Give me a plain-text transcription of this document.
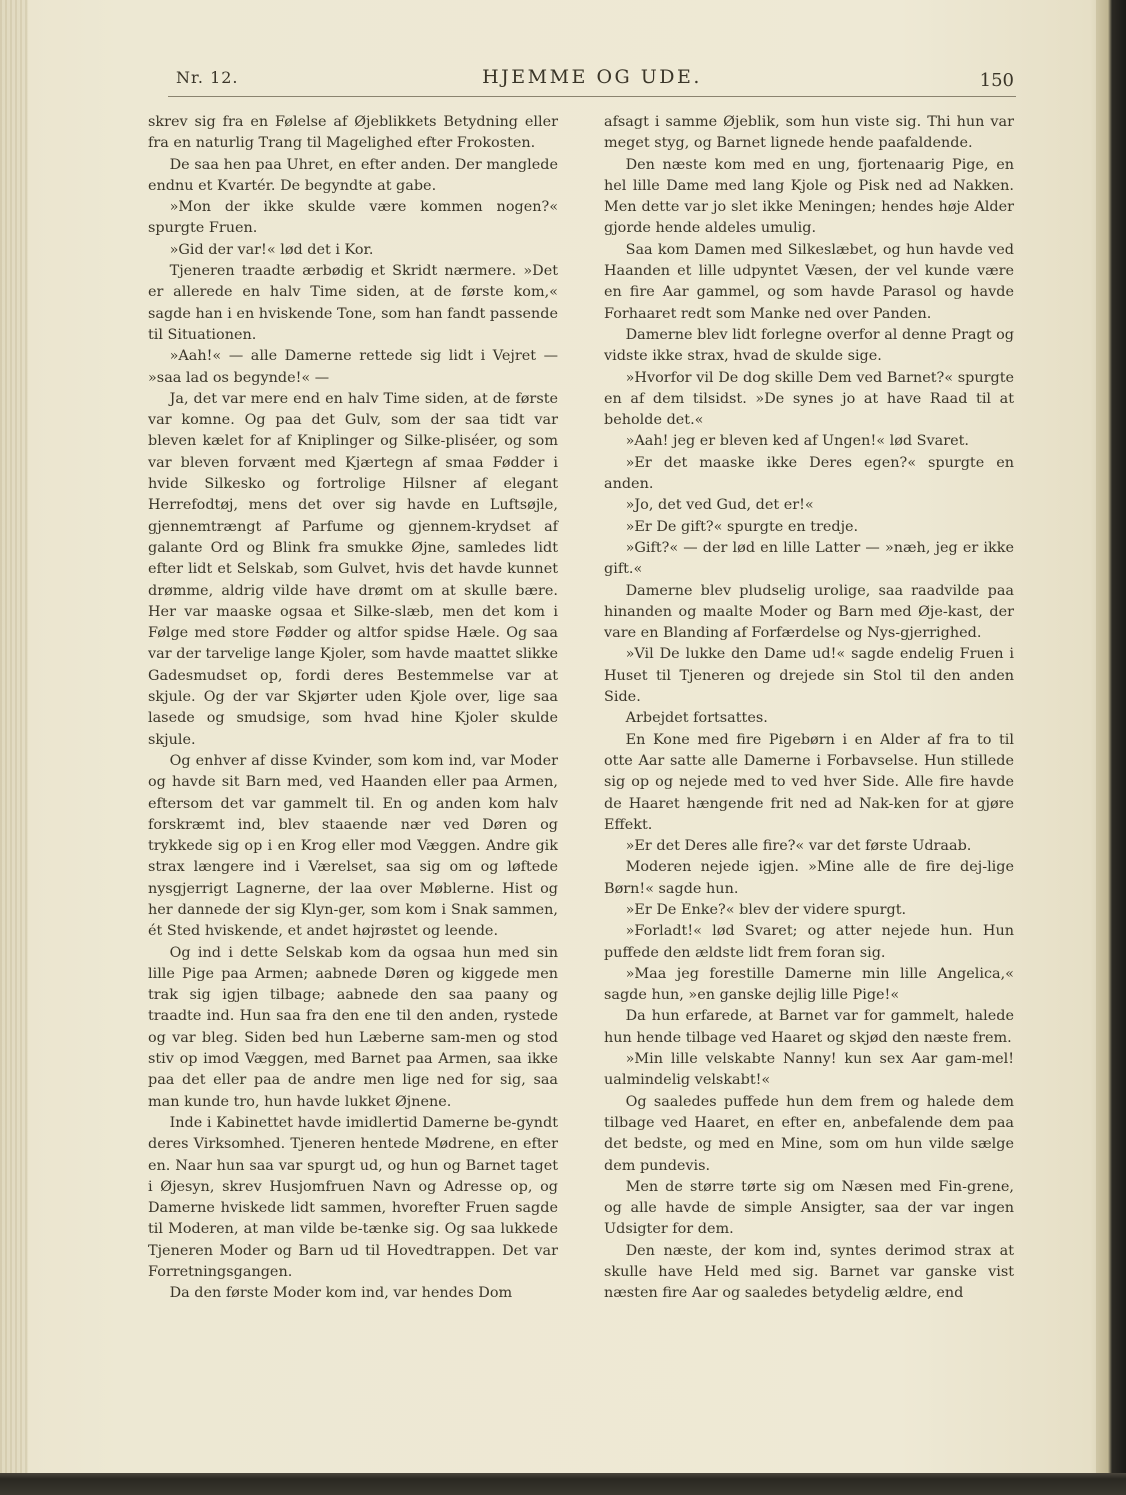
Nr. 12.	HJEMME OG UDE.	150

skrev sig fra en Følelse af Øjeblikkets Betydning eller fra en naturlig Trang til Magelighed efter Frokosten.

De saa hen paa Uhret, en efter anden. Der manglede endnu et Kvartér. De begyndte at gabe.

»Mon der ikke skulde være kommen nogen?« spurgte Fruen.

»Gid der var!« lød det i Kor.

Tjeneren traadte ærbødig et Skridt nærmere. »Det er allerede en halv Time siden, at de første kom,« sagde han i en hviskende Tone, som han fandt passende til Situationen.

»Aah!« — alle Damerne rettede sig lidt i Vejret — »saa lad os begynde!« —

Ja, det var mere end en halv Time siden, at de første var komne. Og paa det Gulv, som der saa tidt var bleven kælet for af Kniplinger og Silke-pliséer, og som var bleven forvænt med Kjærtegn af smaa Fødder i hvide Silkesko og fortrolige Hilsner af elegant Herrefodtøj, mens det over sig havde en Luftsøjle, gjennemtrængt af Parfume og gjennem-krydset af galante Ord og Blink fra smukke Øjne, samledes lidt efter lidt et Selskab, som Gulvet, hvis det havde kunnet drømme, aldrig vilde have drømt om at skulle bære. Her var maaske ogsaa et Silke-slæb, men det kom i Følge med store Fødder og altfor spidse Hæle. Og saa var der tarvelige lange Kjoler, som havde maattet slikke Gadesmudset op, fordi deres Bestemmelse var at skjule. Og der var Skjørter uden Kjole over, lige saa lasede og smudsige, som hvad hine Kjoler skulde skjule.

Og enhver af disse Kvinder, som kom ind, var Moder og havde sit Barn med, ved Haanden eller paa Armen, eftersom det var gammelt til. En og anden kom halv forskræmt ind, blev staaende nær ved Døren og trykkede sig op i en Krog eller mod Væggen. Andre gik strax længere ind i Værelset, saa sig om og løftede nysgjerrigt Lagnerne, der laa over Møblerne. Hist og her dannede der sig Klyn-ger, som kom i Snak sammen, ét Sted hviskende, et andet højrøstet og leende.

Og ind i dette Selskab kom da ogsaa hun med sin lille Pige paa Armen; aabnede Døren og kiggede men trak sig igjen tilbage; aabnede den saa paany og traadte ind. Hun saa fra den ene til den anden, rystede og var bleg. Siden bed hun Læberne sam-men og stod stiv op imod Væggen, med Barnet paa Armen, saa ikke paa det eller paa de andre men lige ned for sig, saa man kunde tro, hun havde lukket Øjnene.

Inde i Kabinettet havde imidlertid Damerne be-gyndt deres Virksomhed. Tjeneren hentede Mødrene, en efter en. Naar hun saa var spurgt ud, og hun og Barnet taget i Øjesyn, skrev Husjomfruen Navn og Adresse op, og Damerne hviskede lidt sammen, hvorefter Fruen sagde til Moderen, at man vilde be-tænke sig. Og saa lukkede Tjeneren Moder og Barn ud til Hovedtrappen. Det var Forretningsgangen.

Da den første Moder kom ind, var hendes Dom

afsagt i samme Øjeblik, som hun viste sig. Thi hun var meget styg, og Barnet lignede hende paafaldende.

Den næste kom med en ung, fjortenaarig Pige, en hel lille Dame med lang Kjole og Pisk ned ad Nakken. Men dette var jo slet ikke Meningen; hendes høje Alder gjorde hende aldeles umulig.

Saa kom Damen med Silkeslæbet, og hun havde ved Haanden et lille udpyntet Væsen, der vel kunde være en fire Aar gammel, og som havde Parasol og havde Forhaaret redt som Manke ned over Panden.

Damerne blev lidt forlegne overfor al denne Pragt og vidste ikke strax, hvad de skulde sige.

»Hvorfor vil De dog skille Dem ved Barnet?« spurgte en af dem tilsidst. »De synes jo at have Raad til at beholde det.«

»Aah! jeg er bleven ked af Ungen!« lød Svaret.

»Er det maaske ikke Deres egen?« spurgte en anden.

»Jo, det ved Gud, det er!«

»Er De gift?« spurgte en tredje.

»Gift?« — der lød en lille Latter — »næh, jeg er ikke gift.«

Damerne blev pludselig urolige, saa raadvilde paa hinanden og maalte Moder og Barn med Øje-kast, der vare en Blanding af Forfærdelse og Nys-gjerrighed.

»Vil De lukke den Dame ud!« sagde endelig Fruen i Huset til Tjeneren og drejede sin Stol til den anden Side.

Arbejdet fortsattes.

En Kone med fire Pigebørn i en Alder af fra to til otte Aar satte alle Damerne i Forbavselse. Hun stillede sig op og nejede med to ved hver Side. Alle fire havde de Haaret hængende frit ned ad Nak-ken for at gjøre Effekt.

»Er det Deres alle fire?« var det første Udraab.

Moderen nejede igjen. »Mine alle de fire dej-lige Børn!« sagde hun.

»Er De Enke?« blev der videre spurgt.

»Forladt!« lød Svaret; og atter nejede hun. Hun puffede den ældste lidt frem foran sig.

»Maa jeg forestille Damerne min lille Angelica,« sagde hun, »en ganske dejlig lille Pige!«

Da hun erfarede, at Barnet var for gammelt, halede hun hende tilbage ved Haaret og skjød den næste frem.

»Min lille velskabte Nanny! kun sex Aar gam-mel! ualmindelig velskabt!«

Og saaledes puffede hun dem frem og halede dem tilbage ved Haaret, en efter en, anbefalende dem paa det bedste, og med en Mine, som om hun vilde sælge dem pundevis.

Men de større tørte sig om Næsen med Fin-grene, og alle havde de simple Ansigter, saa der var ingen Udsigter for dem.

Den næste, der kom ind, syntes derimod strax at skulle have Held med sig. Barnet var ganske vist næsten fire Aar og saaledes betydelig ældre, end
